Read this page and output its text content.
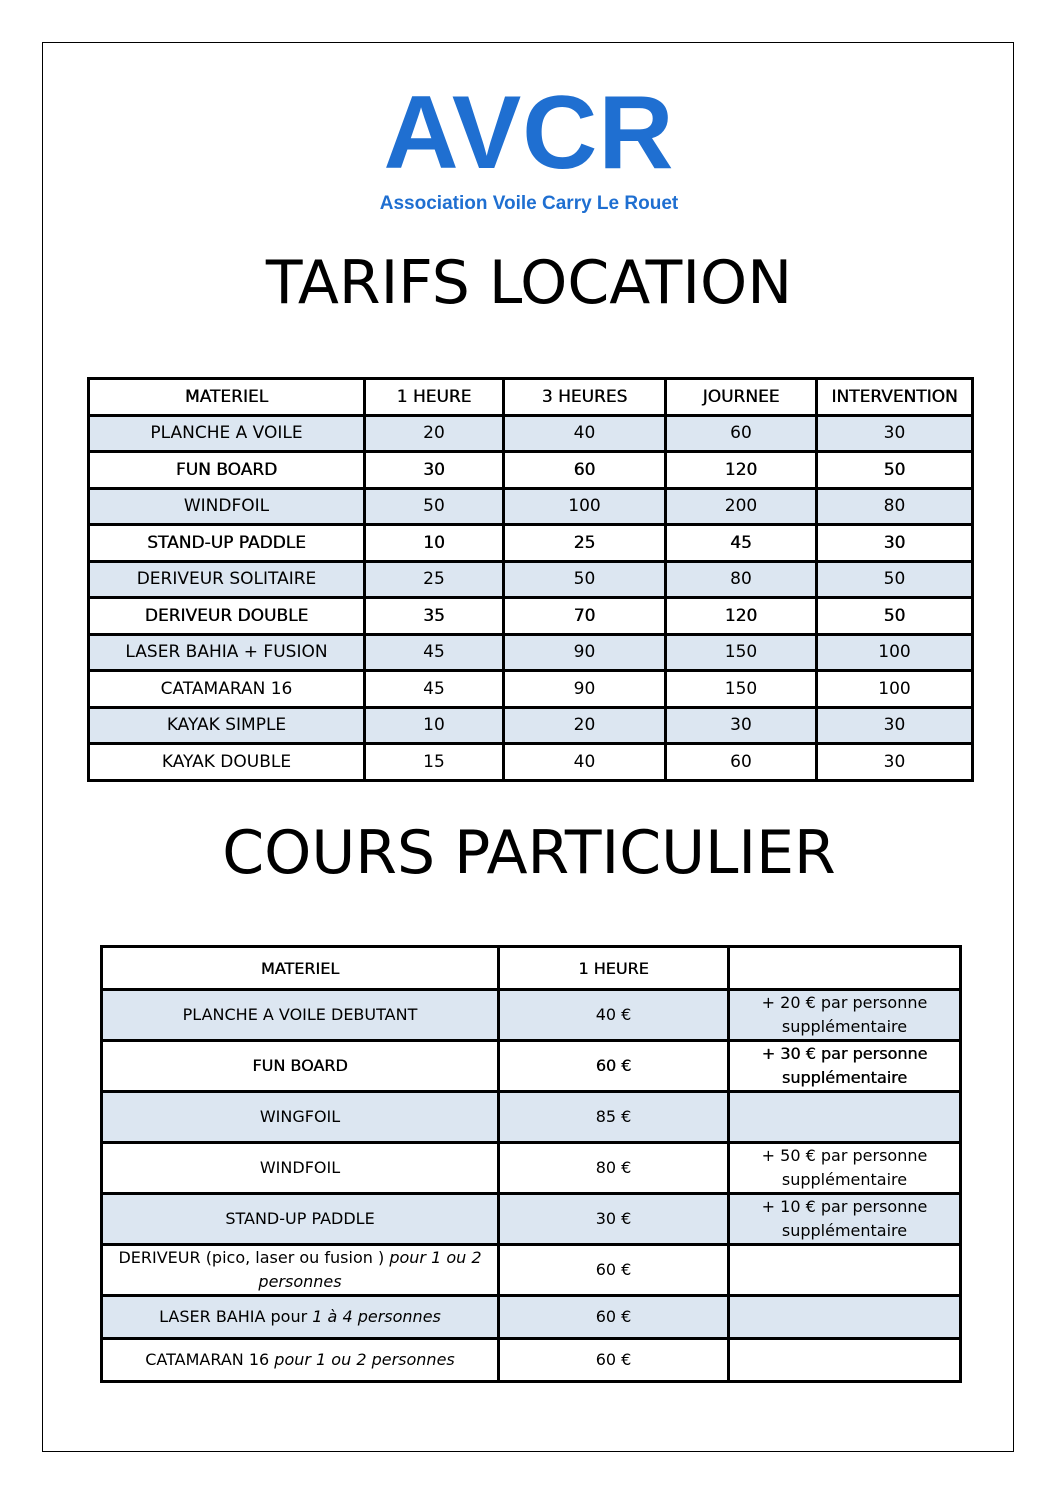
AVCR
Association Voile Carry Le Rouet
TARIFS LOCATION
MATERIEL	1 HEURE	3 HEURES	JOURNEE	INTERVENTION
PLANCHE A VOILE	20	40	60	30
FUN BOARD	30	60	120	50
WINDFOIL	50	100	200	80
STAND-UP PADDLE	10	25	45	30
DERIVEUR SOLITAIRE	25	50	80	50
DERIVEUR DOUBLE	35	70	120	50
LASER BAHIA + FUSION	45	90	150	100
CATAMARAN 16	45	90	150	100
KAYAK SIMPLE	10	20	30	30
KAYAK DOUBLE	15	40	60	30
COURS PARTICULIER
MATERIEL	1 HEURE	
PLANCHE A VOILE DEBUTANT	40 €	+ 20 € par personne supplémentaire
FUN BOARD	60 €	+ 30 € par personne supplémentaire
WINGFOIL	85 €	
WINDFOIL	80 €	+ 50 € par personne supplémentaire
STAND-UP PADDLE	30 €	+ 10 € par personne supplémentaire
DERIVEUR (pico, laser ou fusion ) pour 1 ou 2 personnes	60 €	
LASER BAHIA pour 1 à 4 personnes	60 €	
CATAMARAN 16 pour 1 ou 2 personnes	60 €	
